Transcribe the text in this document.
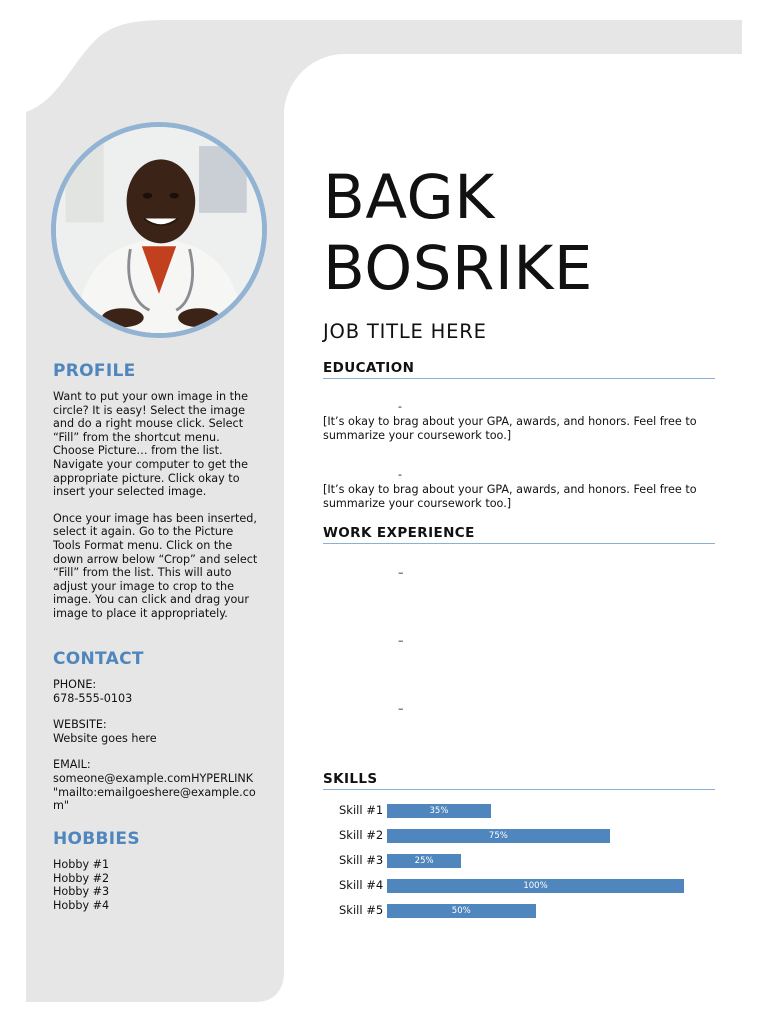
PROFILE

Want to put your own image in the
circle? It is easy! Select the image
and do a right mouse click. Select
“Fill” from the shortcut menu.
Choose Picture… from the list.
Navigate your computer to get the
appropriate picture. Click okay to
insert your selected image.

Once your image has been inserted,
select it again. Go to the Picture
Tools Format menu. Click on the
down arrow below “Crop” and select
“Fill” from the list. This will auto
adjust your image to crop to the
image. You can click and drag your
image to place it appropriately.

CONTACT
PHONE:
678-555-0103
WEBSITE:
Website goes here
EMAIL:
someone@example.comHYPERLINK
"mailto:emailgoeshere@example.co
m"
HOBBIES
Hobby #1
Hobby #2
Hobby #3
Hobby #4
BAGK
BOSRIKE
JOB TITLE HERE
EDUCATION
-
[It’s okay to brag about your GPA, awards, and honors. Feel free to summarize your coursework too.]
-
[It’s okay to brag about your GPA, awards, and honors. Feel free to summarize your coursework too.]
WORK EXPERIENCE
–
–
–
SKILLS
Skill #1	35%
Skill #2	75%
Skill #3	25%
Skill #4	100%
Skill #5	50%
